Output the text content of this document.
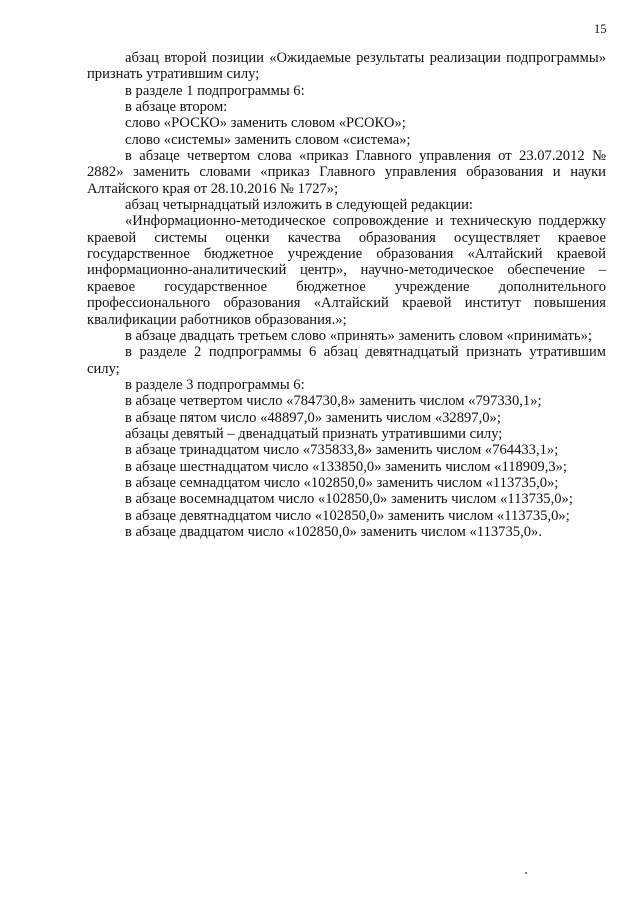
15

абзац второй позиции «Ожидаемые результаты реализации подпрограммы» признать утратившим силу;

в разделе 1 подпрограммы 6:

в абзаце втором:

слово «РОСКО» заменить словом «РСОКО»;

слово «системы» заменить словом «система»;

в абзаце четвертом слова «приказ Главного управления от 23.07.2012 № 2882» заменить словами «приказ Главного управления образования и науки Алтайского края от 28.10.2016 № 1727»;

абзац четырнадцатый изложить в следующей редакции:

«Информационно-методическое сопровождение и техническую поддержку краевой системы оценки качества образования осуществляет краевое государственное бюджетное учреждение образования «Алтайский краевой информационно-аналитический центр», научно-методическое обеспечение – краевое государственное бюджетное учреждение дополнительного профессионального образования «Алтайский краевой институт повышения квалификации работников образования.»;

в абзаце двадцать третьем слово «принять» заменить словом «принимать»;

в разделе 2 подпрограммы 6 абзац девятнадцатый признать утратившим силу;

в разделе 3 подпрограммы 6:

в абзаце четвертом число «784730,8» заменить числом «797330,1»;

в абзаце пятом число «48897,0» заменить числом «32897,0»;

абзацы девятый – двенадцатый признать утратившими силу;

в абзаце тринадцатом число «735833,8» заменить числом «764433,1»;

в абзаце шестнадцатом число «133850,0» заменить числом «118909,3»;

в абзаце семнадцатом число «102850,0» заменить числом «113735,0»;

в абзаце восемнадцатом число «102850,0» заменить числом «113735,0»;

в абзаце девятнадцатом число «102850,0» заменить числом «113735,0»;

в абзаце двадцатом число «102850,0» заменить числом «113735,0».
